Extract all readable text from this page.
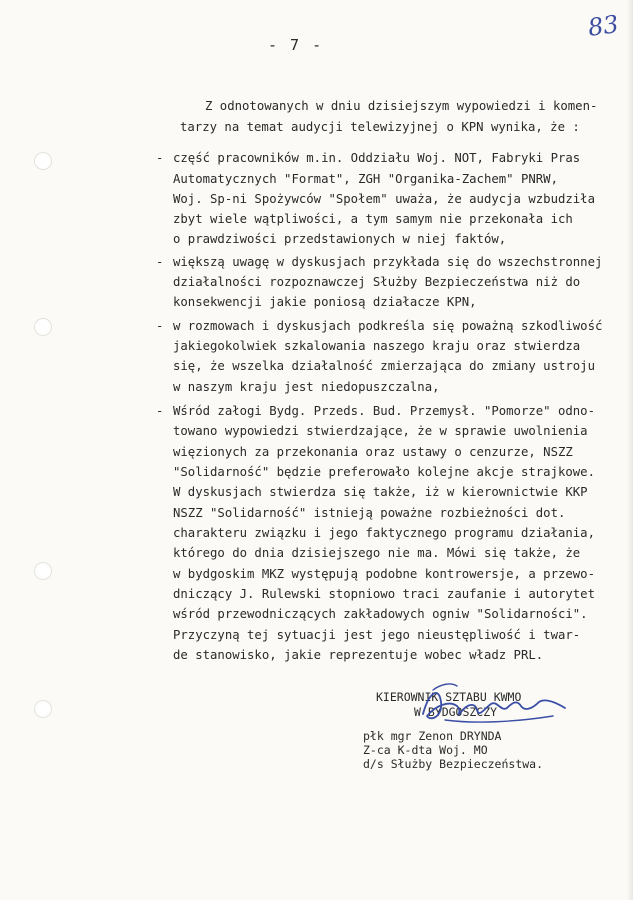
83
- 7 -
Z odnotowanych w dniu dzisiejszym wypowiedzi i komen-
tarzy na temat audycji telewizyjnej o KPN wynika, że :
- część pracowników m.in. Oddziału Woj. NOT, Fabryki Pras
Automatycznych "Format", ZGH "Organika-Zachem" PNRW,
Woj. Sp-ni Spożywców "Społem" uważa, że audycja wzbudziła
zbyt wiele wątpliwości, a tym samym nie przekonała ich
o prawdziwości przedstawionych w niej faktów,
- większą uwagę w dyskusjach przykłada się do wszechstronnej
działalności rozpoznawczej Służby Bezpieczeństwa niż do
konsekwencji jakie poniosą działacze KPN,
- w rozmowach i dyskusjach podkreśla się poważną szkodliwość
jakiegokolwiek szkalowania naszego kraju oraz stwierdza
się, że wszelka działalność zmierzająca do zmiany ustroju
w naszym kraju jest niedopuszczalna,
- Wśród załogi Bydg. Przeds. Bud. Przemysł. "Pomorze" odno-
towano wypowiedzi stwierdzające, że w sprawie uwolnienia
więzionych za przekonania oraz ustawy o cenzurze, NSZZ
"Solidarność" będzie preferowało kolejne akcje strajkowe.
W dyskusjach stwierdza się także, iż w kierownictwie KKP
NSZZ "Solidarność" istnieją poważne rozbieżności dot.
charakteru związku i jego faktycznego programu działania,
którego do dnia dzisiejszego nie ma. Mówi się także, że
w bydgoskim MKZ występują podobne kontrowersje, a przewo-
dniczący J. Rulewski stopniowo traci zaufanie i autorytet
wśród przewodniczących zakładowych ogniw "Solidarności".
Przyczyną tej sytuacji jest jego nieustępliwość i twar-
de stanowisko, jakie reprezentuje wobec władz PRL.
KIEROWNIK SZTABU KWMO
W BYDGOSZCZY
płk mgr Zenon DRYNDA
Z-ca K-dta Woj. MO
d/s Służby Bezpieczeństwa.
